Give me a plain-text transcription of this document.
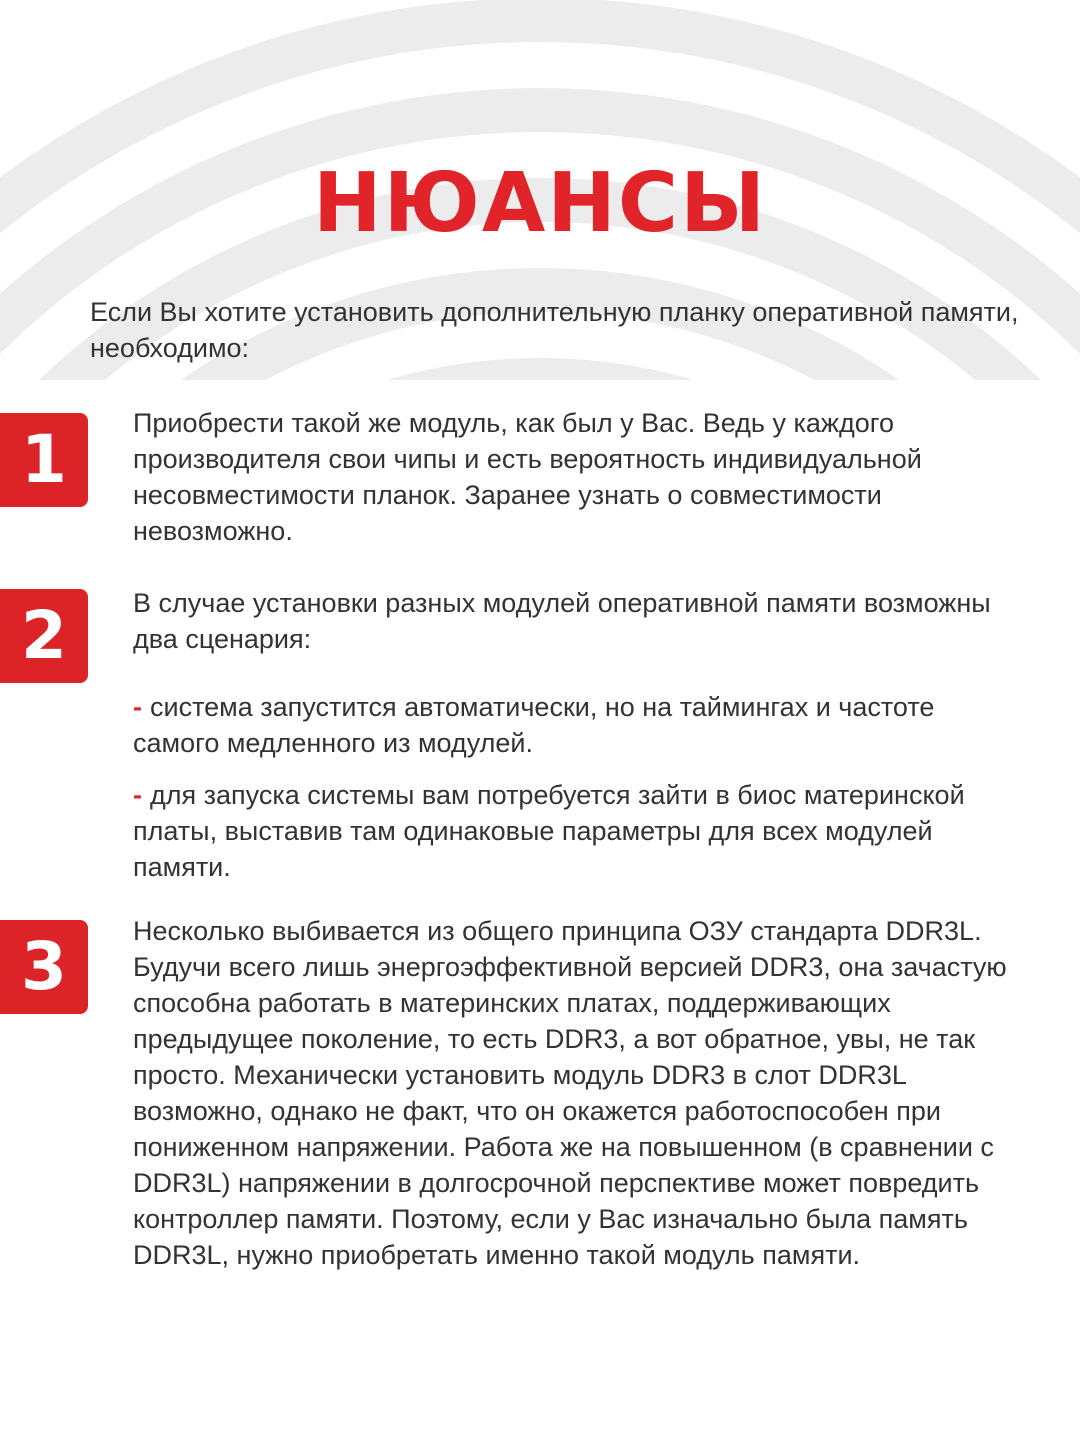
НЮАНСЫ
Если Вы хотите установить дополнительную планку оперативной памяти, необходимо:
1	Приобрести такой же модуль, как был у Вас. Ведь у каждого производителя свои чипы и есть вероятность индивидуальной несовместимости планок. Заранее узнать о совместимости невозможно.

2	В случае установки разных модулей оперативной памяти возможны два сценария:

- система запустится автоматически, но на таймингах и частоте самого медленного из модулей.

- для запуска системы вам потребуется зайти в биос материнской платы, выставив там одинаковые параметры для всех модулей памяти.

3	Несколько выбивается из общего принципа ОЗУ стандарта DDR3L. Будучи всего лишь энергоэффективной версией DDR3, она зачастую способна работать в материнских платах, поддерживающих предыдущее поколение, то есть DDR3, а вот обратное, увы, не так просто. Механически установить модуль DDR3 в слот DDR3L возможно, однако не факт, что он окажется работоспособен при пониженном напряжении. Работа же на повышенном (в сравнении с DDR3L) напряжении в долгосрочной перспективе может повредить контроллер памяти. Поэтому, если у Вас изначально была память DDR3L, нужно приобретать именно такой модуль памяти.
